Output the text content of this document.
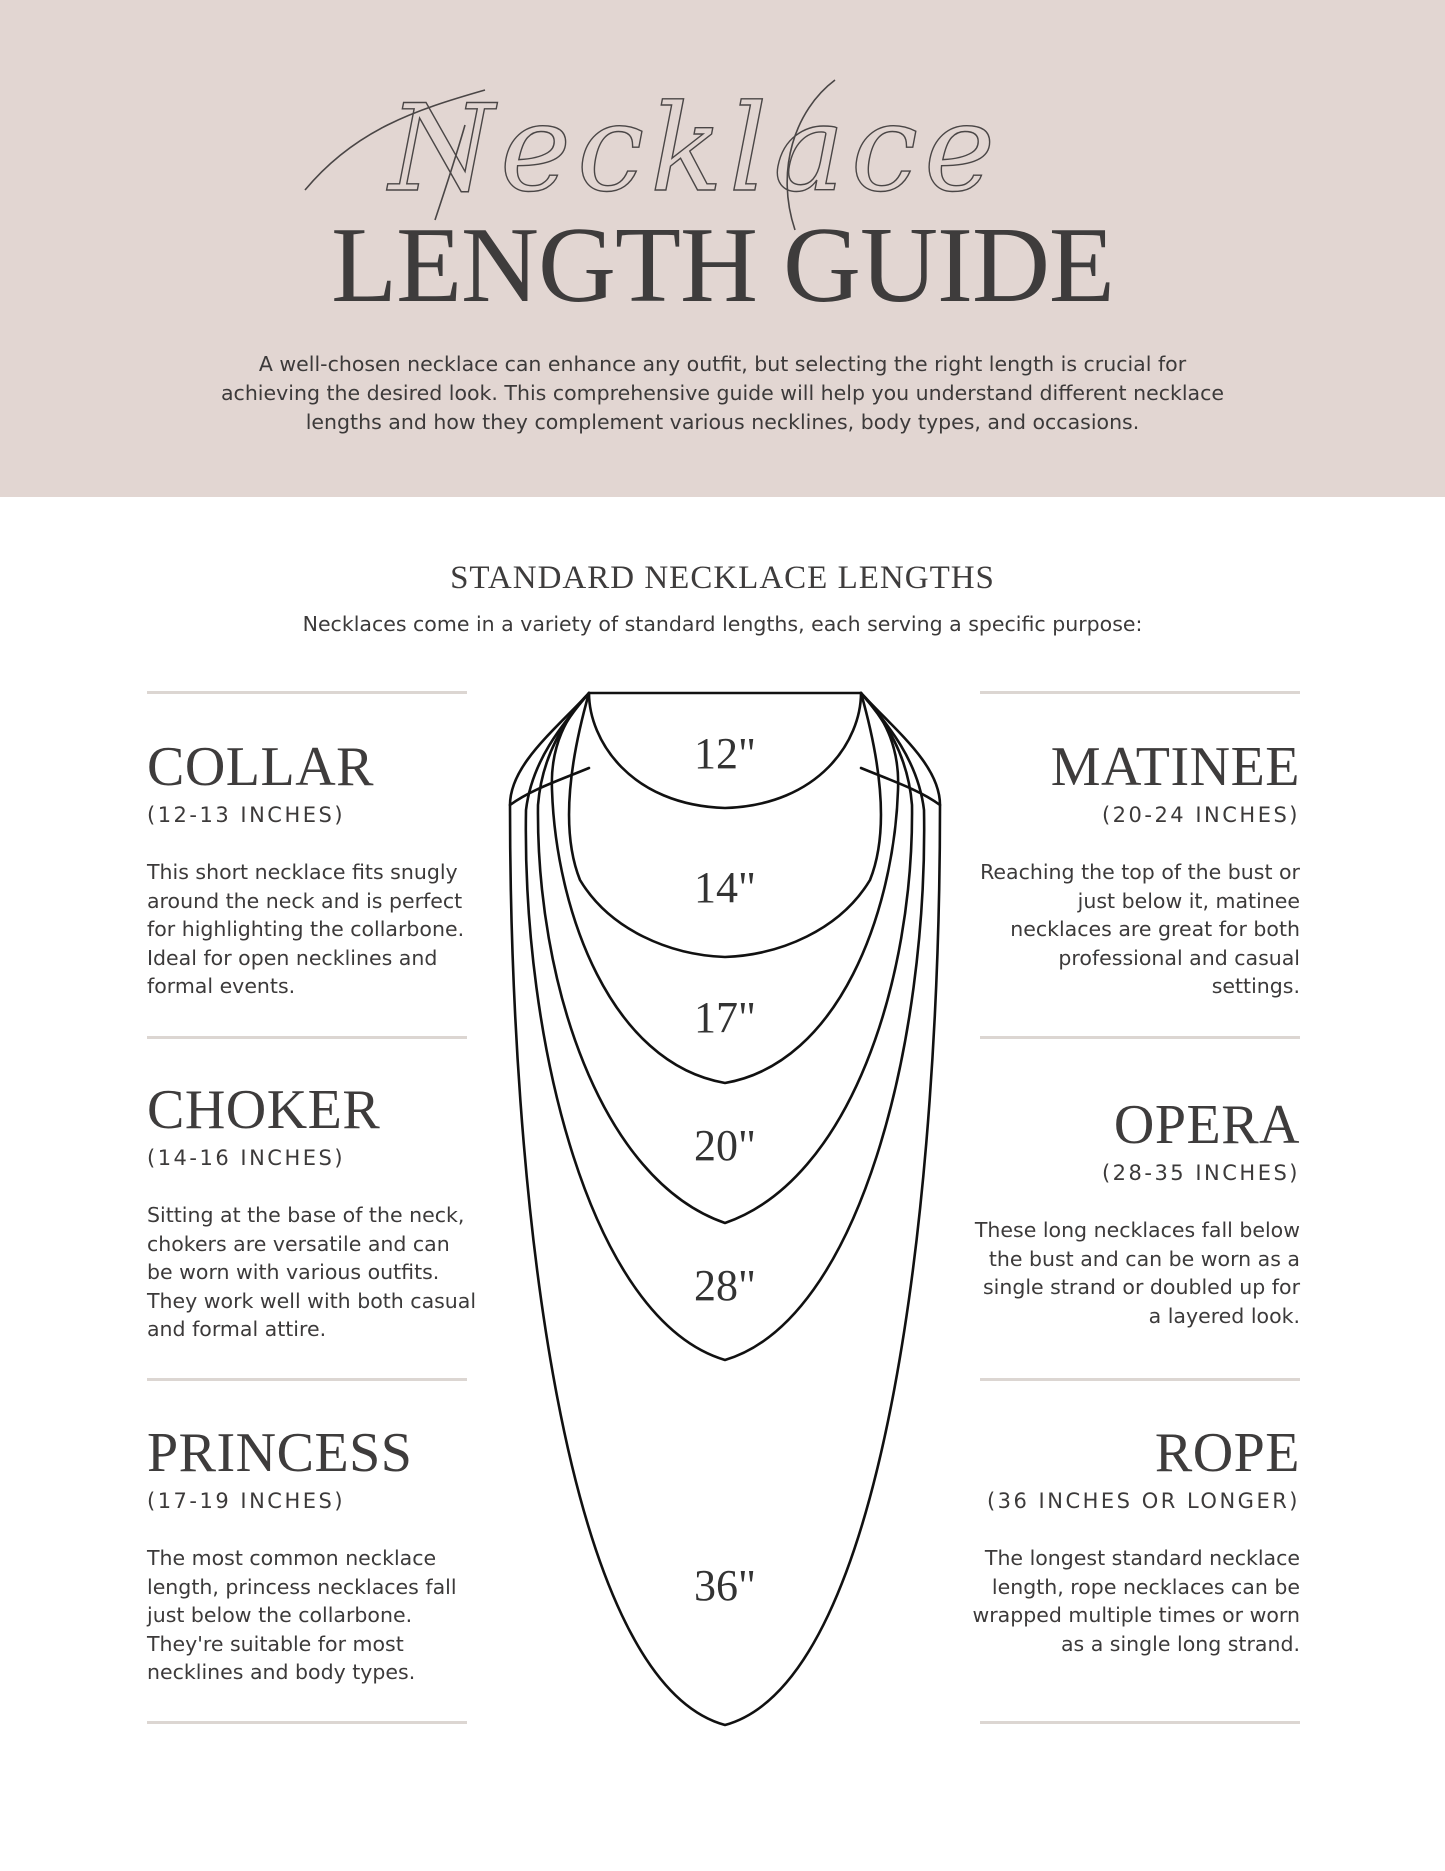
Necklace
LENGTH GUIDE

A well-chosen necklace can enhance any outfit, but selecting the right length is crucial for achieving the desired look. This comprehensive guide will help you understand different necklace lengths and how they complement various necklines, body types, and occasions.

STANDARD NECKLACE LENGTHS

Necklaces come in a variety of standard lengths, each serving a specific purpose:

COLLAR

(12-13 INCHES)

This short necklace fits snugly around the neck and is perfect for highlighting the collarbone. Ideal for open necklines and formal events.

CHOKER

(14-16 INCHES)

Sitting at the base of the neck, chokers are versatile and can be worn with various outfits. They work well with both casual and formal attire.

PRINCESS

(17-19 INCHES)

The most common necklace length, princess necklaces fall just below the collarbone. They're suitable for most necklines and body types.

MATINEE

(20-24 INCHES)

Reaching the top of the bust or just below it, matinee necklaces are great for both professional and casual settings.

OPERA

(28-35 INCHES)

These long necklaces fall below the bust and can be worn as a single strand or doubled up for a layered look.

ROPE

(36 INCHES OR LONGER)

The longest standard necklace length, rope necklaces can be wrapped multiple times or worn as a single long strand.

12"
14"
17"
20"
28"
36"
